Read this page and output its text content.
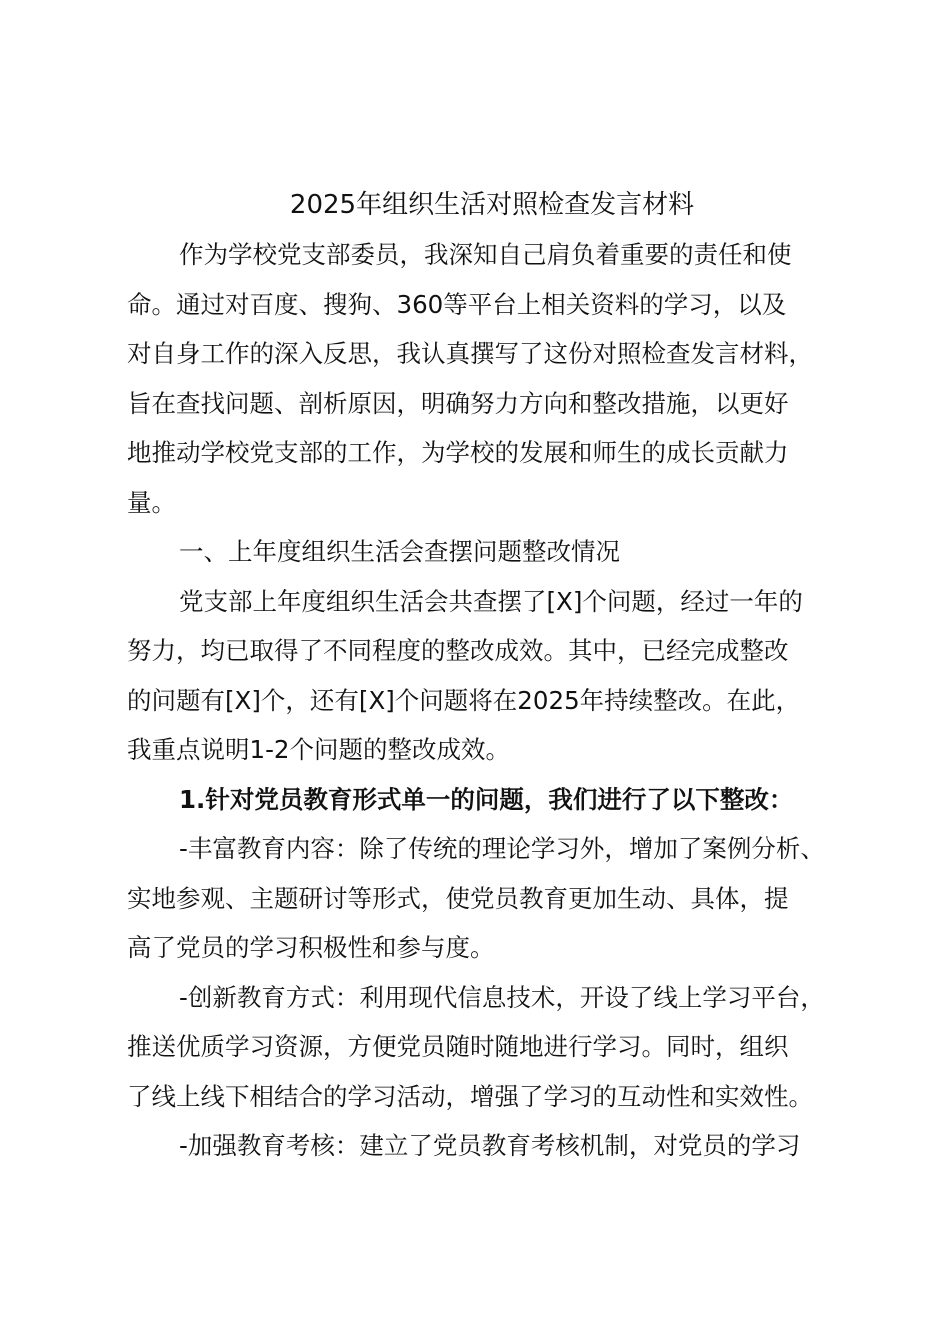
2025年组织生活对照检查发言材料
作为学校党支部委员，我深知自己肩负着重要的责任和使
命。通过对百度、搜狗、360等平台上相关资料的学习，以及
对自身工作的深入反思，我认真撰写了这份对照检查发言材料，
旨在查找问题、剖析原因，明确努力方向和整改措施，以更好
地推动学校党支部的工作，为学校的发展和师生的成长贡献力
量。
一、上年度组织生活会查摆问题整改情况
党支部上年度组织生活会共查摆了[X]个问题，经过一年的
努力，均已取得了不同程度的整改成效。其中，已经完成整改
的问题有[X]个，还有[X]个问题将在2025年持续整改。在此，
我重点说明1-2个问题的整改成效。
1.针对党员教育形式单一的问题，我们进行了以下整改：
-丰富教育内容：除了传统的理论学习外，增加了案例分析、
实地参观、主题研讨等形式，使党员教育更加生动、具体，提
高了党员的学习积极性和参与度。
-创新教育方式：利用现代信息技术，开设了线上学习平台，
推送优质学习资源，方便党员随时随地进行学习。同时，组织
了线上线下相结合的学习活动，增强了学习的互动性和实效性。
-加强教育考核：建立了党员教育考核机制，对党员的学习
